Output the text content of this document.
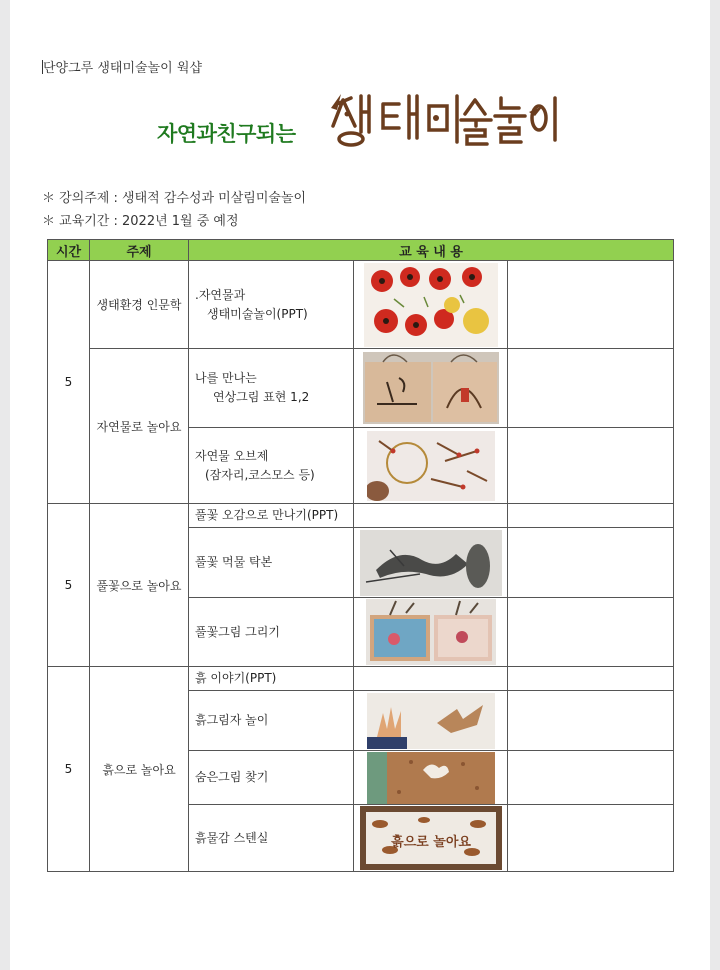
단양그루 생태미술놀이 웍샵
자연과친구되는
＊ 강의주제 : 생태적 감수성과 미살림미술놀이
＊ 교육기간 : 2022년 1월 중 예정
시간	주제	교 육 내 용		
5	생태환경 인문학	.자연물과
생태미술놀이(PPT)

	자연물로 놀아요	나를 만나는
연상그림 표현 1,2

		자연물 오브제
(잠자리,코스모스 등)

5	풀꽃으로 놀아요	풀꽃 오감으로 만나기(PPT)		

		풀꽃 먹물 탁본

		풀꽃그림 그리기

5	흙으로 놀아요	흙 이야기(PPT)		

		흙그림자 놀이

		숨은그림 찾기

		흙물감 스텐실	흙으로 놀아요	
